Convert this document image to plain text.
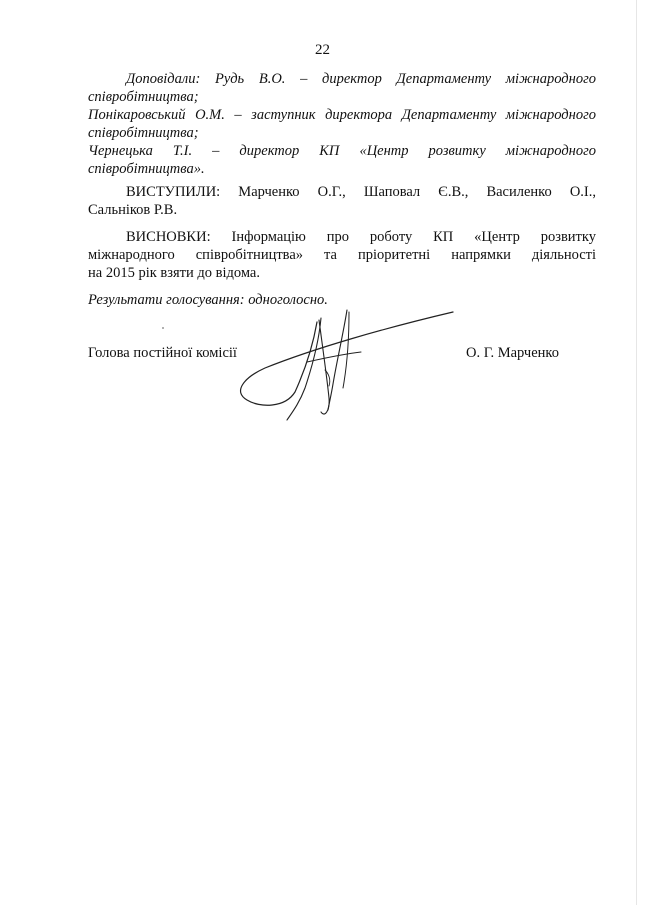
22
Доповідали: Рудь В.О. – директор Департаменту міжнародного
співробітництва;
Понікаровський О.М. – заступник директора Департаменту міжнародного
співробітництва;
Чернецька Т.І. – директор КП «Центр розвитку міжнародного
співробітництва».
ВИСТУПИЛИ: Марченко О.Г., Шаповал Є.В., Василенко О.І.,
Сальніков Р.В.
ВИСНОВКИ: Інформацію про роботу КП «Центр розвитку
міжнародного співробітництва» та пріоритетні напрямки діяльності
на 2015 рік взяти до відома.
Результати голосування: одноголосно.
Голова постійної комісії	О. Г. Марченко
